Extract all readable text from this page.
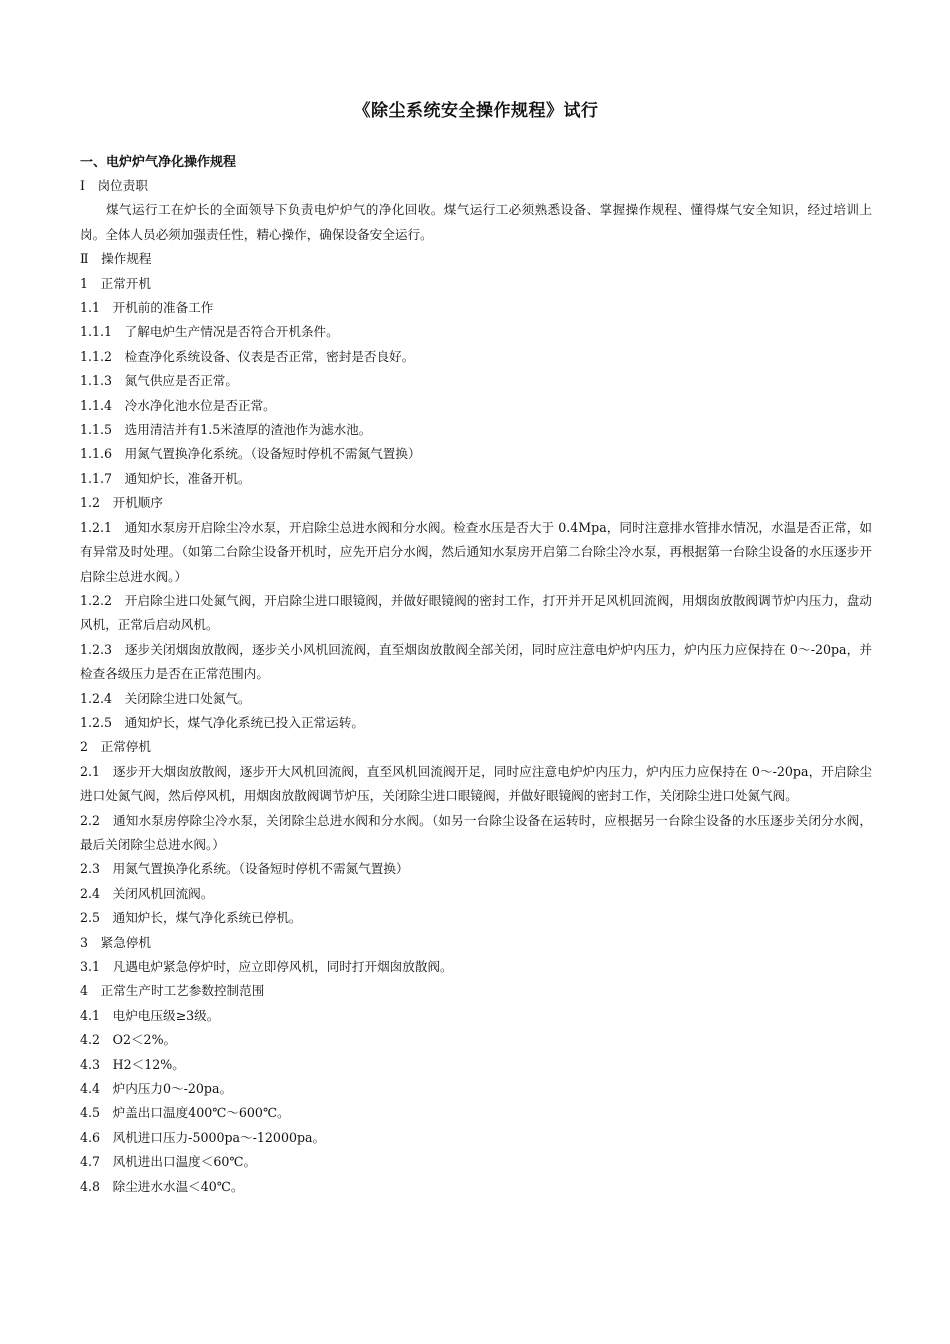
《除尘系统安全操作规程》试行
一、电炉炉气净化操作规程

Ⅰ　岗位责职

煤气运行工在炉长的全面领导下负责电炉炉气的净化回收。煤气运行工必须熟悉设备、掌握操作规程、懂得煤气安全知识，经过培训上岗。全体人员必须加强责任性，精心操作，确保设备安全运行。

Ⅱ　操作规程

1　正常开机

1.1　开机前的准备工作

1.1.1　了解电炉生产情况是否符合开机条件。

1.1.2　检查净化系统设备、仪表是否正常，密封是否良好。

1.1.3　氮气供应是否正常。

1.1.4　冷水净化池水位是否正常。

1.1.5　选用清洁并有1.5米渣厚的渣池作为滤水池。

1.1.6　用氮气置换净化系统。（设备短时停机不需氮气置换）

1.1.7　通知炉长，准备开机。

1.2　开机顺序

1.2.1　通知水泵房开启除尘冷水泵，开启除尘总进水阀和分水阀。检查水压是否大于 0.4Mpa，同时注意排水管排水情况，水温是否正常，如有异常及时处理。（如第二台除尘设备开机时，应先开启分水阀，然后通知水泵房开启第二台除尘冷水泵，再根据第一台除尘设备的水压逐步开启除尘总进水阀。）

1.2.2　开启除尘进口处氮气阀，开启除尘进口眼镜阀，并做好眼镜阀的密封工作，打开并开足风机回流阀，用烟囱放散阀调节炉内压力，盘动风机，正常后启动风机。

1.2.3　逐步关闭烟囱放散阀，逐步关小风机回流阀，直至烟囱放散阀全部关闭，同时应注意电炉炉内压力，炉内压力应保持在 0～-20pa，并检查各级压力是否在正常范围内。

1.2.4　关闭除尘进口处氮气。

1.2.5　通知炉长，煤气净化系统已投入正常运转。

2　正常停机

2.1　逐步开大烟囱放散阀，逐步开大风机回流阀，直至风机回流阀开足，同时应注意电炉炉内压力，炉内压力应保持在 0～-20pa，开启除尘进口处氮气阀，然后停风机，用烟囱放散阀调节炉压，关闭除尘进口眼镜阀，并做好眼镜阀的密封工作，关闭除尘进口处氮气阀。

2.2　通知水泵房停除尘冷水泵，关闭除尘总进水阀和分水阀。（如另一台除尘设备在运转时，应根据另一台除尘设备的水压逐步关闭分水阀，最后关闭除尘总进水阀。）

2.3　用氮气置换净化系统。（设备短时停机不需氮气置换）

2.4　关闭风机回流阀。

2.5　通知炉长，煤气净化系统已停机。

3　紧急停机

3.1　凡遇电炉紧急停炉时，应立即停风机，同时打开烟囱放散阀。

4　正常生产时工艺参数控制范围

4.1　电炉电压级≥3级。

4.2　O2＜2%。

4.3　H2＜12%。

4.4　炉内压力0～-20pa。

4.5　炉盖出口温度400℃～600℃。

4.6　风机进口压力-5000pa～-12000pa。

4.7　风机进出口温度＜60℃。

4.8　除尘进水水温＜40℃。
